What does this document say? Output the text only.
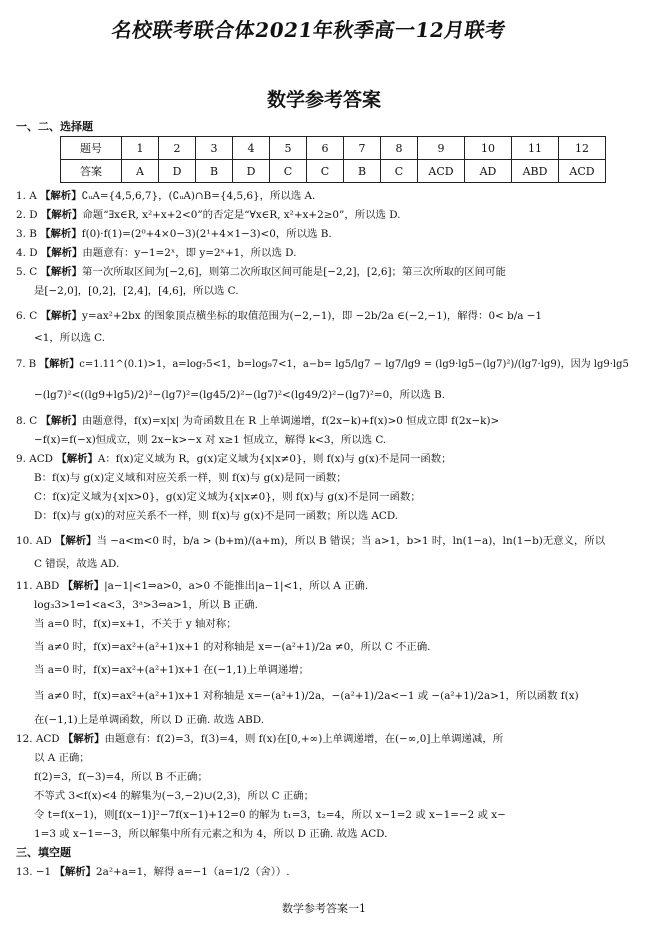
名校联考联合体2021年秋季高一12月联考
数学参考答案
一、二、选择题
题号	1	2	3	4	5	6	7	8	9	10	11	12
答案	A	D	B	D	C	C	B	C	ACD	AD	ABD	ACD
1. A 【解析】∁ᵤA={4,5,6,7}，(∁ᵤA)∩B={4,5,6}，所以选 A.
2. D 【解析】命题“∃x∈R, x²+x+2<0”的否定是“∀x∈R, x²+x+2≥0”，所以选 D.
3. B 【解析】f(0)·f(1)=(2⁰+4×0−3)(2¹+4×1−3)<0，所以选 B.
4. D 【解析】由题意有：y−1=2ˣ，即 y=2ˣ+1，所以选 D.
5. C 【解析】第一次所取区间为[−2,6]，则第二次所取区间可能是[−2,2]，[2,6]；第三次所取的区间可能
是[−2,0]，[0,2]，[2,4]，[4,6]，所以选 C.
6. C 【解析】y=ax²+2bx 的图象顶点横坐标的取值范围为(−2,−1)，即 −2b/2a ∈(−2,−1)，解得：0< b/a −1
<1，所以选 C.
7. B 【解析】c=1.11^(0.1)>1，a=log₇5<1，b=log₉7<1，a−b= lg5/lg7 − lg7/lg9 = (lg9·lg5−(lg7)²)/(lg7·lg9)，因为 lg9·lg5
−(lg7)²<((lg9+lg5)/2)²−(lg7)²=(lg45/2)²−(lg7)²<(lg49/2)²−(lg7)²=0，所以选 B.
8. C 【解析】由题意得，f(x)=x|x| 为奇函数且在 R 上单调递增，f(2x−k)+f(x)>0 恒成立即 f(2x−k)>
−f(x)=f(−x)恒成立，则 2x−k>−x 对 x≥1 恒成立，解得 k<3，所以选 C.
9. ACD 【解析】A：f(x)定义域为 R，g(x)定义域为{x|x≠0}，则 f(x)与 g(x)不是同一函数；
B：f(x)与 g(x)定义域和对应关系一样，则 f(x)与 g(x)是同一函数；
C：f(x)定义域为{x|x>0}，g(x)定义域为{x|x≠0}，则 f(x)与 g(x)不是同一函数；
D：f(x)与 g(x)的对应关系不一样，则 f(x)与 g(x)不是同一函数；所以选 ACD.
10. AD 【解析】当 −a<m<0 时，b/a > (b+m)/(a+m)，所以 B 错误；当 a>1，b>1 时，ln(1−a)，ln(1−b)无意义，所以
C 错误，故选 AD.
11. ABD 【解析】|a−1|<1⇒a>0，a>0 不能推出|a−1|<1，所以 A 正确.
log₃3>1⇔1<a<3，3ᵃ>3⇔a>1，所以 B 正确.
当 a=0 时，f(x)=x+1，不关于 y 轴对称；
当 a≠0 时，f(x)=ax²+(a²+1)x+1 的对称轴是 x=−(a²+1)/2a ≠0，所以 C 不正确.
当 a=0 时，f(x)=ax²+(a²+1)x+1 在(−1,1)上单调递增；
当 a≠0 时，f(x)=ax²+(a²+1)x+1 对称轴是 x=−(a²+1)/2a，−(a²+1)/2a<−1 或 −(a²+1)/2a>1，所以函数 f(x)
在(−1,1)上是单调函数，所以 D 正确. 故选 ABD.
12. ACD 【解析】由题意有：f(2)=3，f(3)=4，则 f(x)在[0,+∞)上单调递增，在(−∞,0]上单调递减，所
以 A 正确；
f(2)=3，f(−3)=4，所以 B 不正确；
不等式 3<f(x)<4 的解集为(−3,−2)∪(2,3)，所以 C 正确；
令 t=f(x−1)，则[f(x−1)]²−7f(x−1)+12=0 的解为 t₁=3，t₂=4，所以 x−1=2 或 x−1=−2 或 x−
1=3 或 x−1=−3，所以解集中所有元素之和为 4，所以 D 正确. 故选 ACD.
三、填空题
13. −1 【解析】2a²+a=1，解得 a=−1（a=1/2（舍））.
数学参考答案一1
